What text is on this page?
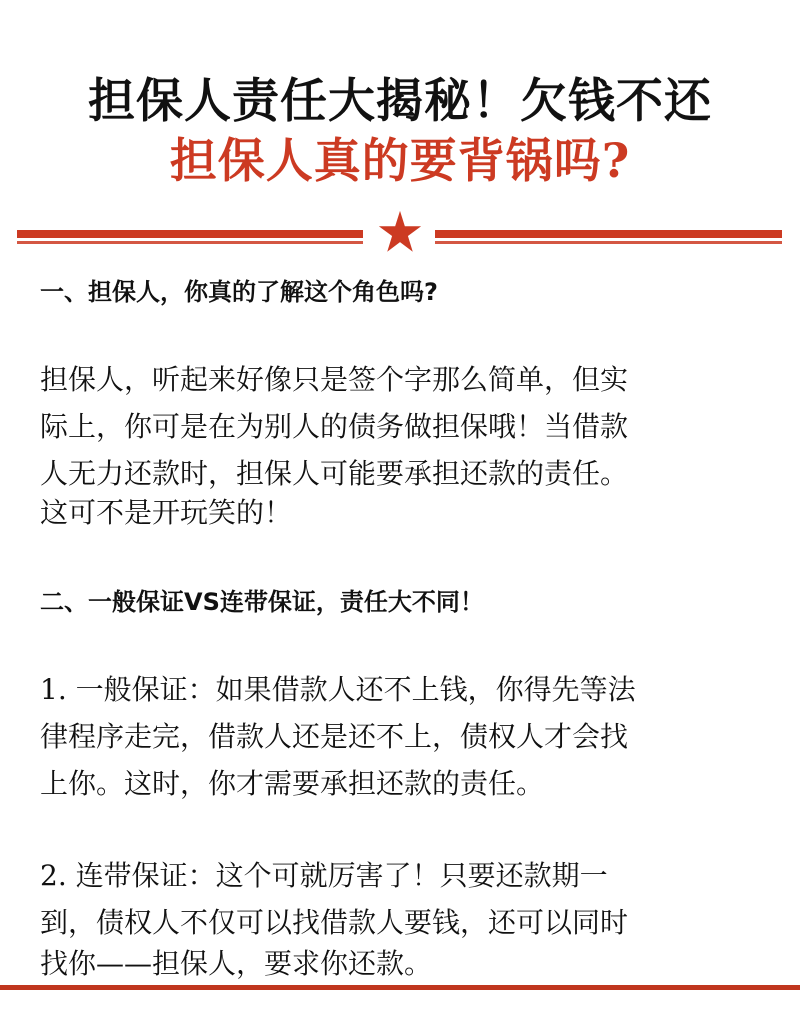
担保人责任大揭秘！欠钱不还
担保人真的要背锅吗?
一、担保人，你真的了解这个角色吗?
担保人，听起来好像只是签个字那么简单，但实
际上，你可是在为别人的债务做担保哦！当借款
人无力还款时，担保人可能要承担还款的责任。
这可不是开玩笑的！
二、一般保证VS连带保证，责任大不同！
1. 一般保证：如果借款人还不上钱，你得先等法
律程序走完，借款人还是还不上，债权人才会找
上你。这时，你才需要承担还款的责任。
2. 连带保证：这个可就厉害了！只要还款期一
到，债权人不仅可以找借款人要钱，还可以同时
找你——担保人，要求你还款。
